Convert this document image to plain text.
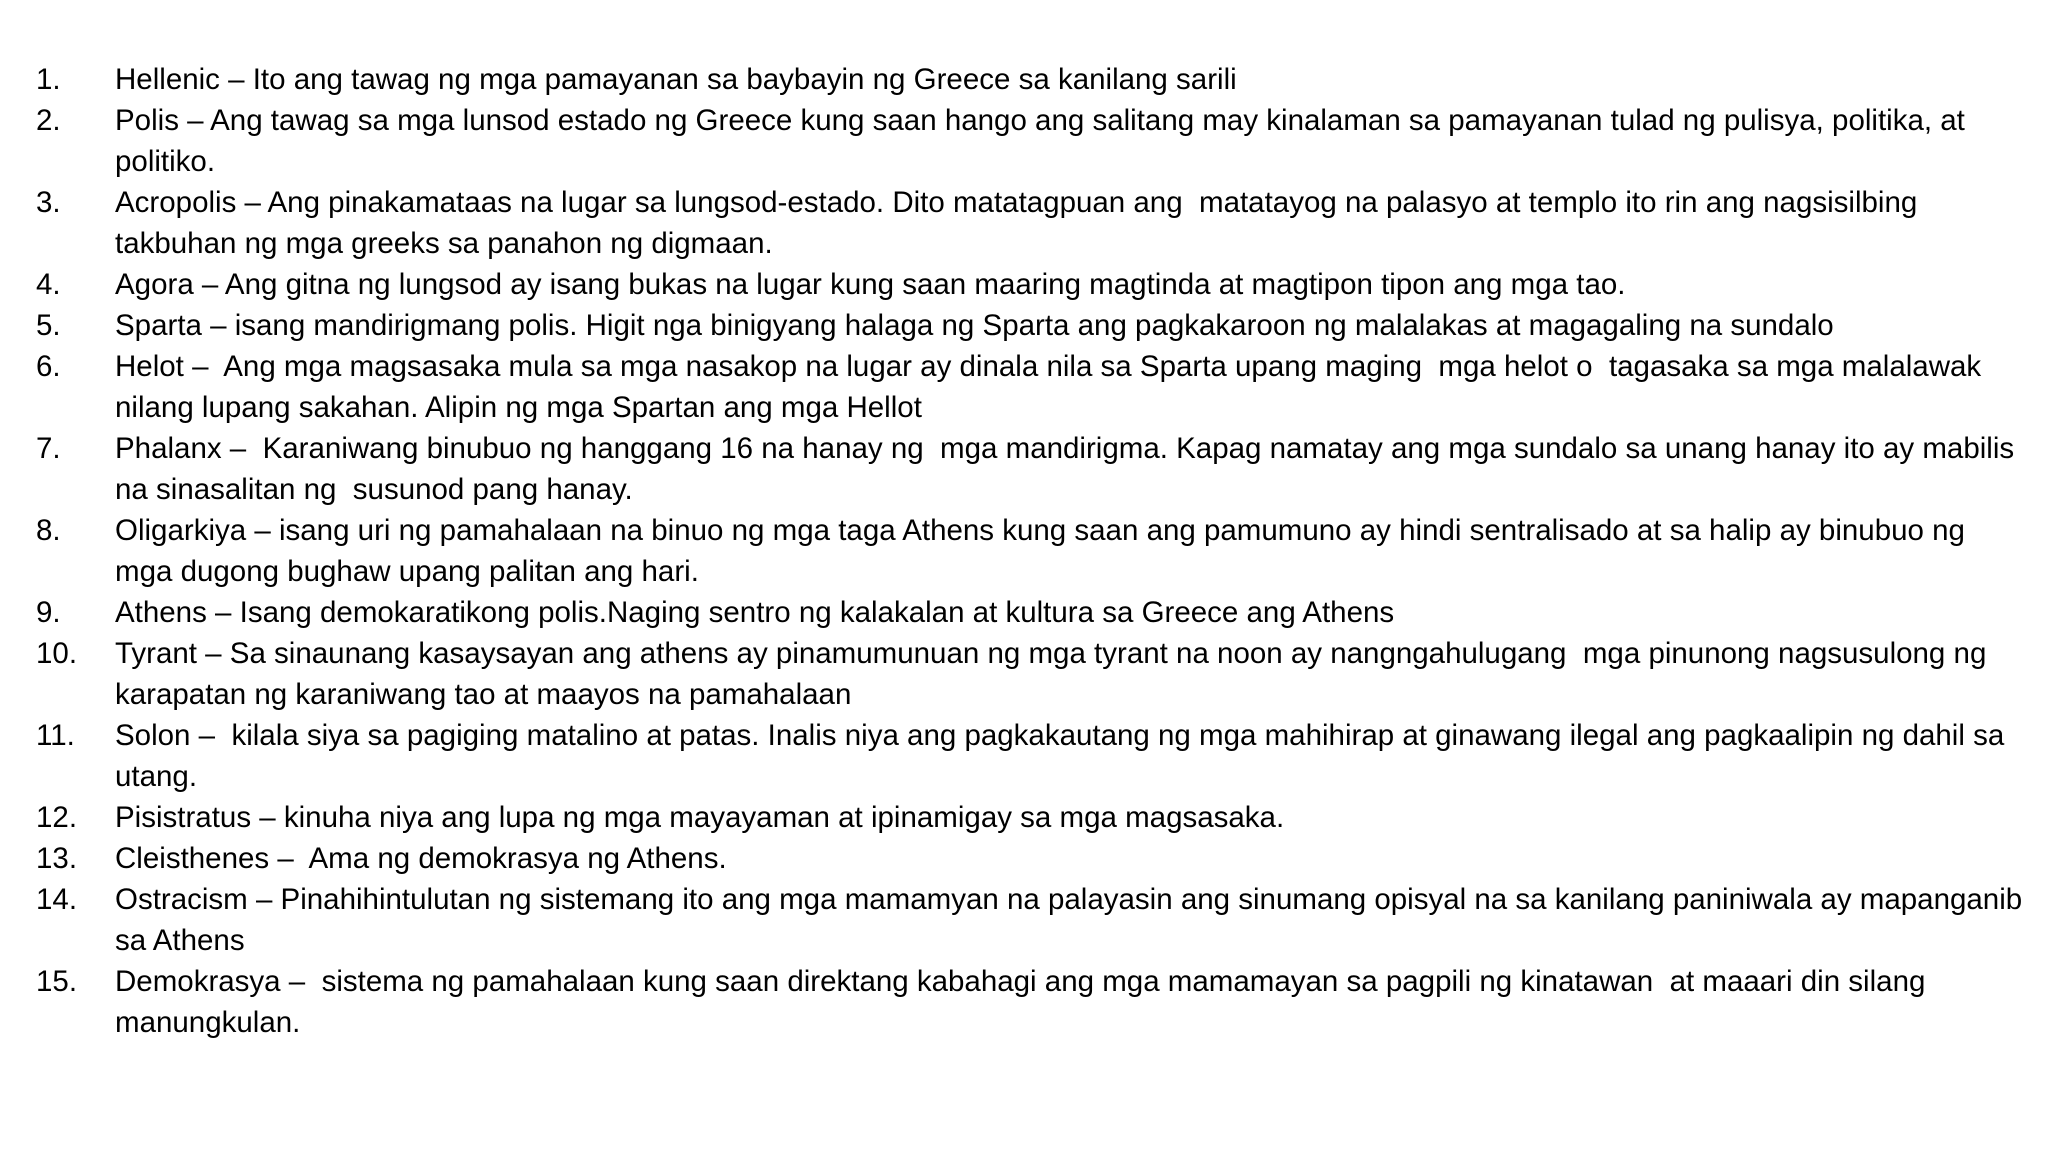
1.	Hellenic – Ito ang tawag ng mga pamayanan sa baybayin ng Greece sa kanilang sarili
2.	Polis – Ang tawag sa mga lunsod estado ng Greece kung saan hango ang salitang may kinalaman sa pamayanan tulad ng pulisya, politika, at politiko.
3.	Acropolis – Ang pinakamataas na lugar sa lungsod-estado. Dito matatagpuan ang  matatayog na palasyo at templo ito rin ang nagsisilbing takbuhan ng mga greeks sa panahon ng digmaan.
4.	Agora – Ang gitna ng lungsod ay isang bukas na lugar kung saan maaring magtinda at magtipon tipon ang mga tao.
5.	Sparta – isang mandirigmang polis. Higit nga binigyang halaga ng Sparta ang pagkakaroon ng malalakas at magagaling na sundalo
6.	Helot –  Ang mga magsasaka mula sa mga nasakop na lugar ay dinala nila sa Sparta upang maging  mga helot o  tagasaka sa mga malalawak nilang lupang sakahan. Alipin ng mga Spartan ang mga Hellot
7.	Phalanx –  Karaniwang binubuo ng hanggang 16 na hanay ng  mga mandirigma. Kapag namatay ang mga sundalo sa unang hanay ito ay mabilis na sinasalitan ng  susunod pang hanay.
8.	Oligarkiya – isang uri ng pamahalaan na binuo ng mga taga Athens kung saan ang pamumuno ay hindi sentralisado at sa halip ay binubuo ng mga dugong bughaw upang palitan ang hari.
9.	Athens – Isang demokaratikong polis.Naging sentro ng kalakalan at kultura sa Greece ang Athens
10.	Tyrant – Sa sinaunang kasaysayan ang athens ay pinamumunuan ng mga tyrant na noon ay nangngahulugang  mga pinunong nagsusulong ng karapatan ng karaniwang tao at maayos na pamahalaan
11.	Solon –  kilala siya sa pagiging matalino at patas. Inalis niya ang pagkakautang ng mga mahihirap at ginawang ilegal ang pagkaalipin ng dahil sa utang.
12.	Pisistratus – kinuha niya ang lupa ng mga mayayaman at ipinamigay sa mga magsasaka.
13.	Cleisthenes –  Ama ng demokrasya ng Athens.
14.	Ostracism – Pinahihintulutan ng sistemang ito ang mga mamamyan na palayasin ang sinumang opisyal na sa kanilang paniniwala ay mapanganib sa Athens
15.	Demokrasya –  sistema ng pamahalaan kung saan direktang kabahagi ang mga mamamayan sa pagpili ng kinatawan  at maaari din silang manungkulan.
